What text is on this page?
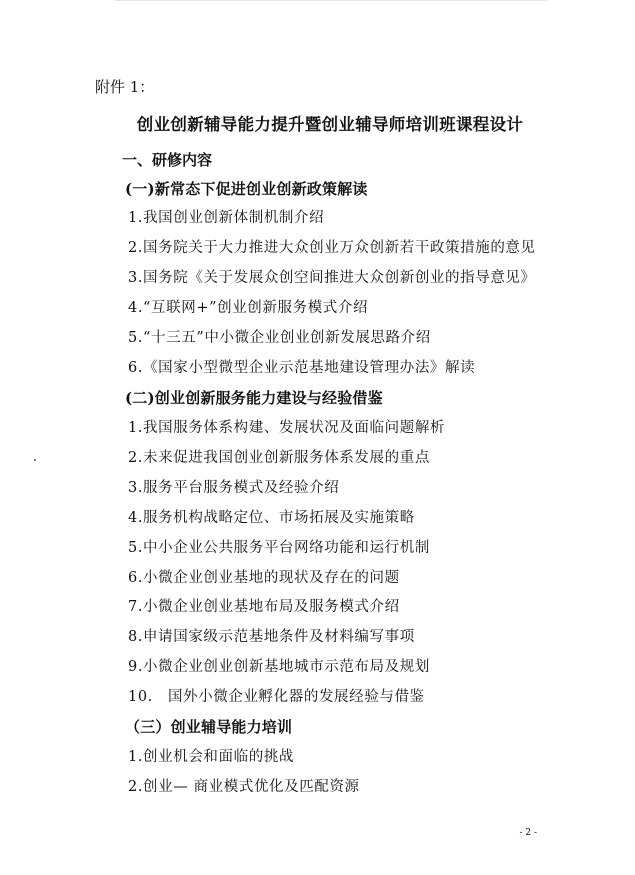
附件 1：
创业创新辅导能力提升暨创业辅导师培训班课程设计
一、研修内容
(一)新常态下促进创业创新政策解读
1.我国创业创新体制机制介绍
2.国务院关于大力推进大众创业万众创新若干政策措施的意见
3.国务院《关于发展众创空间推进大众创新创业的指导意见》
4.“互联网+”创业创新服务模式介绍
5.“十三五”中小微企业创业创新发展思路介绍
6.《国家小型微型企业示范基地建设管理办法》解读
(二)创业创新服务能力建设与经验借鉴
1.我国服务体系构建、发展状况及面临问题解析
2.未来促进我国创业创新服务体系发展的重点
3.服务平台服务模式及经验介绍
4.服务机构战略定位、市场拓展及实施策略
5.中小企业公共服务平台网络功能和运行机制
6.小微企业创业基地的现状及存在的问题
7.小微企业创业基地布局及服务模式介绍
8.申请国家级示范基地条件及材料编写事项
9.小微企业创业创新基地城市示范布局及规划
10.　国外小微企业孵化器的发展经验与借鉴
（三）创业辅导能力培训
1.创业机会和面临的挑战
2.创业— 商业模式优化及匹配资源
- 2 -
